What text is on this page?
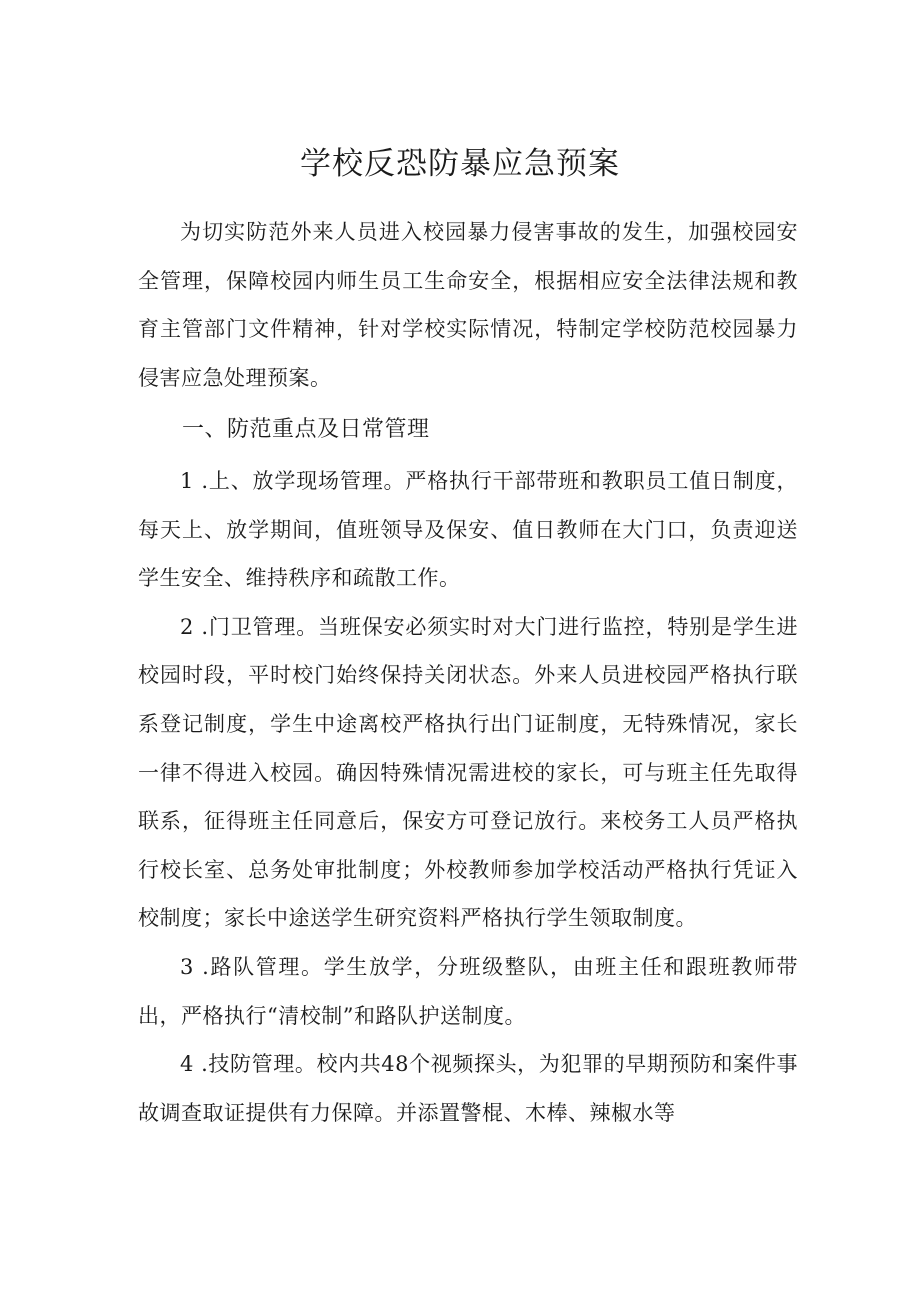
学校反恐防暴应急预案

为切实防范外来人员进入校园暴力侵害事故的发生，加强校园安全管理，保障校园内师生员工生命安全，根据相应安全法律法规和教育主管部门文件精神，针对学校实际情况，特制定学校防范校园暴力侵害应急处理预案。

一、防范重点及日常管理

1 .上、放学现场管理。严格执行干部带班和教职员工值日制度，每天上、放学期间，值班领导及保安、值日教师在大门口，负责迎送学生安全、维持秩序和疏散工作。

2 .门卫管理。当班保安必须实时对大门进行监控，特别是学生进校园时段，平时校门始终保持关闭状态。外来人员进校园严格执行联系登记制度，学生中途离校严格执行出门证制度，无特殊情况，家长一律不得进入校园。确因特殊情况需进校的家长，可与班主任先取得联系，征得班主任同意后，保安方可登记放行。来校务工人员严格执行校长室、总务处审批制度；外校教师参加学校活动严格执行凭证入校制度；家长中途送学生研究资料严格执行学生领取制度。

3 .路队管理。学生放学，分班级整队，由班主任和跟班教师带出，严格执行“清校制”和路队护送制度。

4 .技防管理。校内共48个视频探头，为犯罪的早期预防和案件事故调查取证提供有力保障。并添置警棍、木棒、辣椒水等
